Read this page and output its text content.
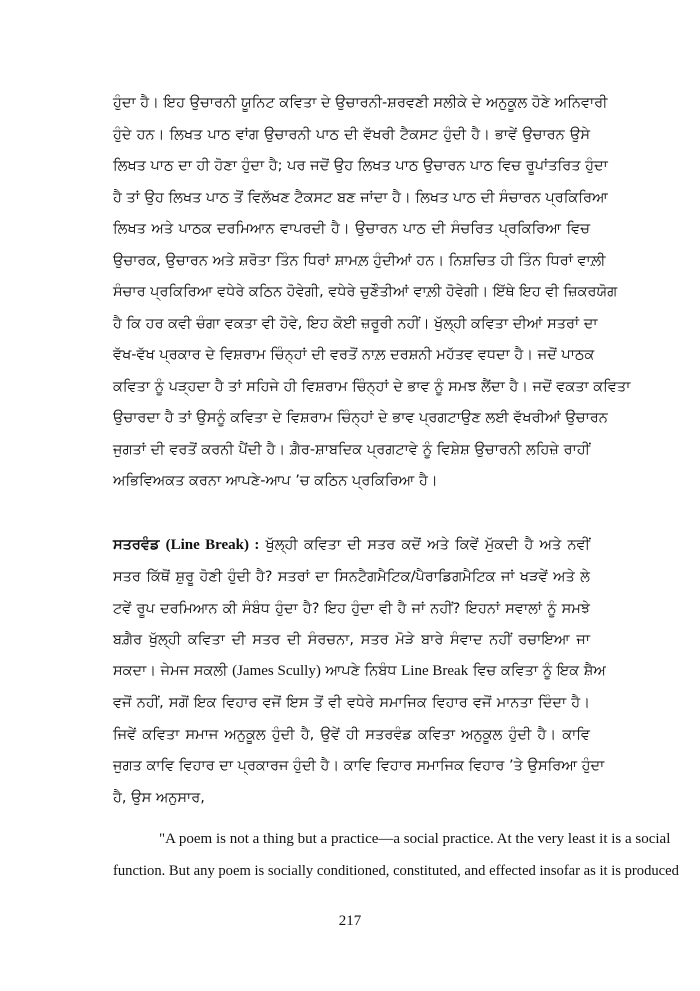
ਹੁੰਦਾ ਹੈ। ਇਹ ਉਚਾਰਨੀ ਯੂਨਿਟ ਕਵਿਤਾ ਦੇ ਉਚਾਰਨੀ-ਸ਼ਰਵਣੀ ਸਲੀਕੇ ਦੇ ਅਨੁਕੂਲ ਹੋਣੇ ਅਨਿਵਾਰੀ
ਹੁੰਦੇ ਹਨ। ਲਿਖਤ ਪਾਠ ਵਾਂਗ ਉਚਾਰਨੀ ਪਾਠ ਦੀ ਵੱਖਰੀ ਟੈਕਸਟ ਹੁੰਦੀ ਹੈ। ਭਾਵੇਂ ਉਚਾਰਨ ਉਸੇ
ਲਿਖਤ ਪਾਠ ਦਾ ਹੀ ਹੋਣਾ ਹੁੰਦਾ ਹੈ; ਪਰ ਜਦੋਂ ਉਹ ਲਿਖਤ ਪਾਠ ਉਚਾਰਨ ਪਾਠ ਵਿਚ ਰੂਪਾਂਤਰਿਤ ਹੁੰਦਾ
ਹੈ ਤਾਂ ਉਹ ਲਿਖਤ ਪਾਠ ਤੋਂ ਵਿਲੱਖਣ ਟੈਕਸਟ ਬਣ ਜਾਂਦਾ ਹੈ। ਲਿਖਤ ਪਾਠ ਦੀ ਸੰਚਾਰਨ ਪ੍ਰਕਿਰਿਆ
ਲਿਖਤ ਅਤੇ ਪਾਠਕ ਦਰਮਿਆਨ ਵਾਪਰਦੀ ਹੈ। ਉਚਾਰਨ ਪਾਠ ਦੀ ਸੰਚਰਿਤ ਪ੍ਰਕਿਰਿਆ ਵਿਚ
ਉਚਾਰਕ, ਉਚਾਰਨ ਅਤੇ ਸ਼ਰੋਤਾ ਤਿੰਨ ਧਿਰਾਂ ਸ਼ਾਮਲ਼ ਹੁੰਦੀਆਂ ਹਨ। ਨਿਸ਼ਚਿਤ ਹੀ ਤਿੰਨ ਧਿਰਾਂ ਵਾਲ਼ੀ
ਸੰਚਾਰ ਪ੍ਰਕਿਰਿਆ ਵਧੇਰੇ ਕਠਿਨ ਹੋਵੇਗੀ, ਵਧੇਰੇ ਚੁਣੌਤੀਆਂ ਵਾਲ਼ੀ ਹੋਵੇਗੀ। ਇੱਥੇ ਇਹ ਵੀ ਜ਼ਿਕਰਯੋਗ
ਹੈ ਕਿ ਹਰ ਕਵੀ ਚੰਗਾ ਵਕਤਾ ਵੀ ਹੋਵੇ, ਇਹ ਕੋਈ ਜ਼ਰੂਰੀ ਨਹੀਂ। ਖੁੱਲ੍ਹੀ ਕਵਿਤਾ ਦੀਆਂ ਸਤਰਾਂ ਦਾ
ਵੱਖ-ਵੱਖ ਪ੍ਰਕਾਰ ਦੇ ਵਿਸ਼ਰਾਮ ਚਿੰਨ੍ਹਾਂ ਦੀ ਵਰਤੋਂ ਨਾਲ਼ ਦਰਸ਼ਨੀ ਮਹੱਤਵ ਵਧਦਾ ਹੈ। ਜਦੋਂ ਪਾਠਕ
ਕਵਿਤਾ ਨੂੰ ਪੜ੍ਹਦਾ ਹੈ ਤਾਂ ਸਹਿਜੇ ਹੀ ਵਿਸ਼ਰਾਮ ਚਿੰਨ੍ਹਾਂ ਦੇ ਭਾਵ ਨੂੰ ਸਮਝ ਲੈਂਦਾ ਹੈ। ਜਦੋਂ ਵਕਤਾ ਕਵਿਤਾ
ਉਚਾਰਦਾ ਹੈ ਤਾਂ ਉਸਨੂੰ ਕਵਿਤਾ ਦੇ ਵਿਸ਼ਰਾਮ ਚਿੰਨ੍ਹਾਂ ਦੇ ਭਾਵ ਪ੍ਰਗਟਾਉਣ ਲਈ ਵੱਖਰੀਆਂ ਉਚਾਰਨ
ਜੁਗਤਾਂ ਦੀ ਵਰਤੋਂ ਕਰਨੀ ਪੈਂਦੀ ਹੈ। ਗ਼ੈਰ-ਸ਼ਾਬਦਿਕ ਪ੍ਰਗਟਾਵੇ ਨੂੰ ਵਿਸ਼ੇਸ਼ ਉਚਾਰਨੀ ਲਹਿਜ਼ੇ ਰਾਹੀਂ
ਅਭਿਵਿਅਕਤ ਕਰਨਾ ਆਪਣੇ-ਆਪ ’ਚ ਕਠਿਨ ਪ੍ਰਕਿਰਿਆ ਹੈ।
ਸਤਰਵੰਡ (Line Break) : ਖੁੱਲ੍ਹੀ ਕਵਿਤਾ ਦੀ ਸਤਰ ਕਦੋਂ ਅਤੇ ਕਿਵੇਂ ਮੁੱਕਦੀ ਹੈ ਅਤੇ ਨਵੀਂ
ਸਤਰ ਕਿੱਥੋਂ ਸ਼ੁਰੂ ਹੋਣੀ ਹੁੰਦੀ ਹੈ? ਸਤਰਾਂ ਦਾ ਸਿਨਟੈਗਮੈਟਿਕ/ਪੈਰਾਡਿਗਮੈਟਿਕ ਜਾਂ ਖੜਵੇਂ ਅਤੇ ਲੇ
ਟਵੇਂ ਰੂਪ ਦਰਮਿਆਨ ਕੀ ਸੰਬੰਧ ਹੁੰਦਾ ਹੈ? ਇਹ ਹੁੰਦਾ ਵੀ ਹੈ ਜਾਂ ਨਹੀਂ? ਇਹਨਾਂ ਸਵਾਲਾਂ ਨੂੰ ਸਮਝੇ
ਬਗ਼ੈਰ ਖੁੱਲ੍ਹੀ ਕਵਿਤਾ ਦੀ ਸਤਰ ਦੀ ਸੰਰਚਨਾ, ਸਤਰ ਮੋੜੇ ਬਾਰੇ ਸੰਵਾਦ ਨਹੀਂ ਰਚਾਇਆ ਜਾ
ਸਕਦਾ। ਜੇਮਜ ਸਕਲੀ (James Scully) ਆਪਣੇ ਨਿਬੰਧ Line Break ਵਿਚ ਕਵਿਤਾ ਨੂੰ ਇਕ ਸ਼ੈਅ
ਵਜੋਂ ਨਹੀਂ, ਸਗੋਂ ਇਕ ਵਿਹਾਰ ਵਜੋਂ ਇਸ ਤੋਂ ਵੀ ਵਧੇਰੇ ਸਮਾਜਿਕ ਵਿਹਾਰ ਵਜੋਂ ਮਾਨਤਾ ਦਿੰਦਾ ਹੈ।
ਜਿਵੇਂ ਕਵਿਤਾ ਸਮਾਜ ਅਨੁਕੂਲ ਹੁੰਦੀ ਹੈ, ਉਵੇਂ ਹੀ ਸਤਰਵੰਡ ਕਵਿਤਾ ਅਨੁਕੂਲ ਹੁੰਦੀ ਹੈ। ਕਾਵਿ
ਜੁਗਤ ਕਾਵਿ ਵਿਹਾਰ ਦਾ ਪ੍ਰਕਾਰਜ ਹੁੰਦੀ ਹੈ। ਕਾਵਿ ਵਿਹਾਰ ਸਮਾਜਿਕ ਵਿਹਾਰ ’ਤੇ ਉਸਰਿਆ ਹੁੰਦਾ
ਹੈ, ਉਸ ਅਨੁਸਾਰ,
"A poem is not a thing but a practice—a social practice. At the very least it is a social
function. But any poem is socially conditioned, constituted, and effected insofar as it is produced
217
